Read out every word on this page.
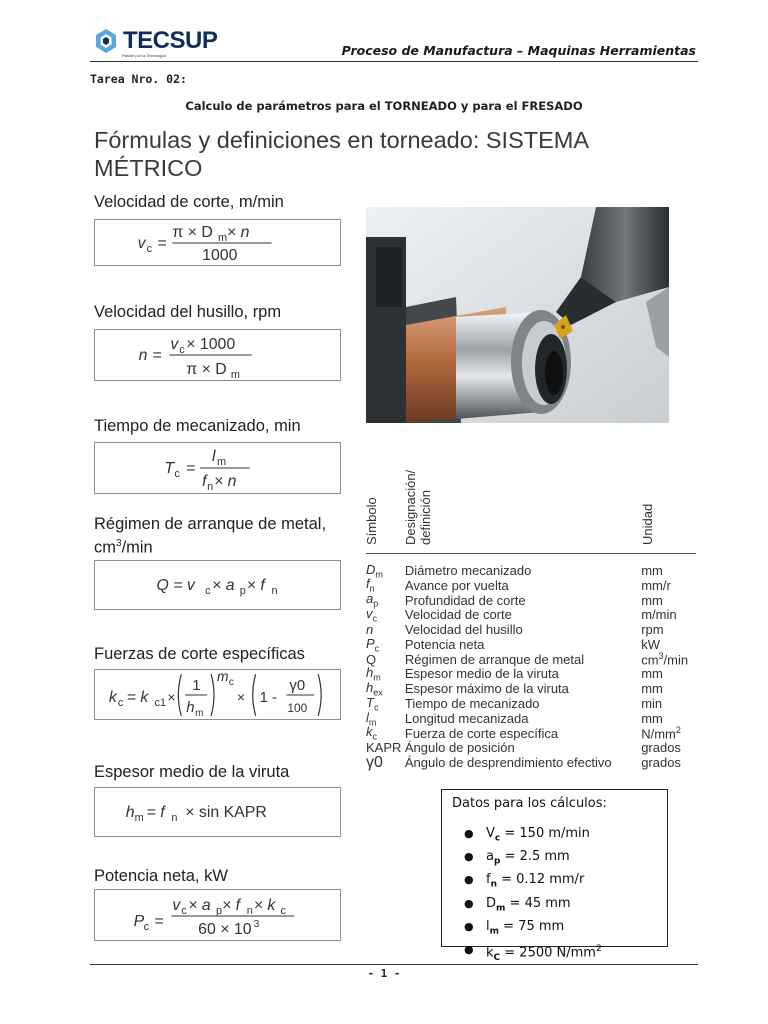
TECSUP
Pasión por la Tecnología	Proceso de Manufactura – Maquinas Herramientas
Tarea Nro. 02:
Calculo de parámetros para el TORNEADO y para el FRESADO
Fórmulas y definiciones en torneado: SISTEMA
MÉTRICO
Velocidad de corte, m/min
v c =
π × D m × n
1000
Velocidad del husillo, rpm
n =
v c × 1000
π × D m
Tiempo de mecanizado, min
T c =
l m
f n × n
Régimen de arranque de metal,
$cm^3/\min$
Q = v c × a p × f n
Fuerzas de corte específicas
k c = k c1 ×
1
h m
m c
× 1 -
γ0
100
Espesor medio de la viruta
h m = f n × sin KAPR
Potencia neta, kW
P c =
v c × a p × f n × k c
60 × 10 3
Símbolo Designación/ definición	Unidad
$D_m$	Diámetro mecanizado	mm
$f_n$	Avance por vuelta	mm/r
$a_p$	Profundidad de corte	mm
$v_c$	Velocidad de corte	m/min
n	Velocidad del husillo	rpm
$P_c$	Potencia neta	kW
Q	Régimen de arranque de metal	$cm^3/\min$
$h_m$	Espesor medio de la viruta	mm
$h_{ex}$	Espesor máximo de la viruta	mm
$T_c$	Tiempo de mecanizado	min
$l_m$	Longitud mecanizada	mm
$k_c$	Fuerza de corte específica	$N/mm^2$
KAPR Ángulo de posición	grados
γ0	Ángulo de desprendimiento efectivo	grados
Datos para los cálculos:
● $V_c = 150$ m/min
● $a_p = 2.5$ mm
● $f_n = 0.12$ mm/r
● $D_m = 45$ mm
● $l_m = 75$ mm
● $k_C = 2500$ $N/mm^2$
- 1 -
